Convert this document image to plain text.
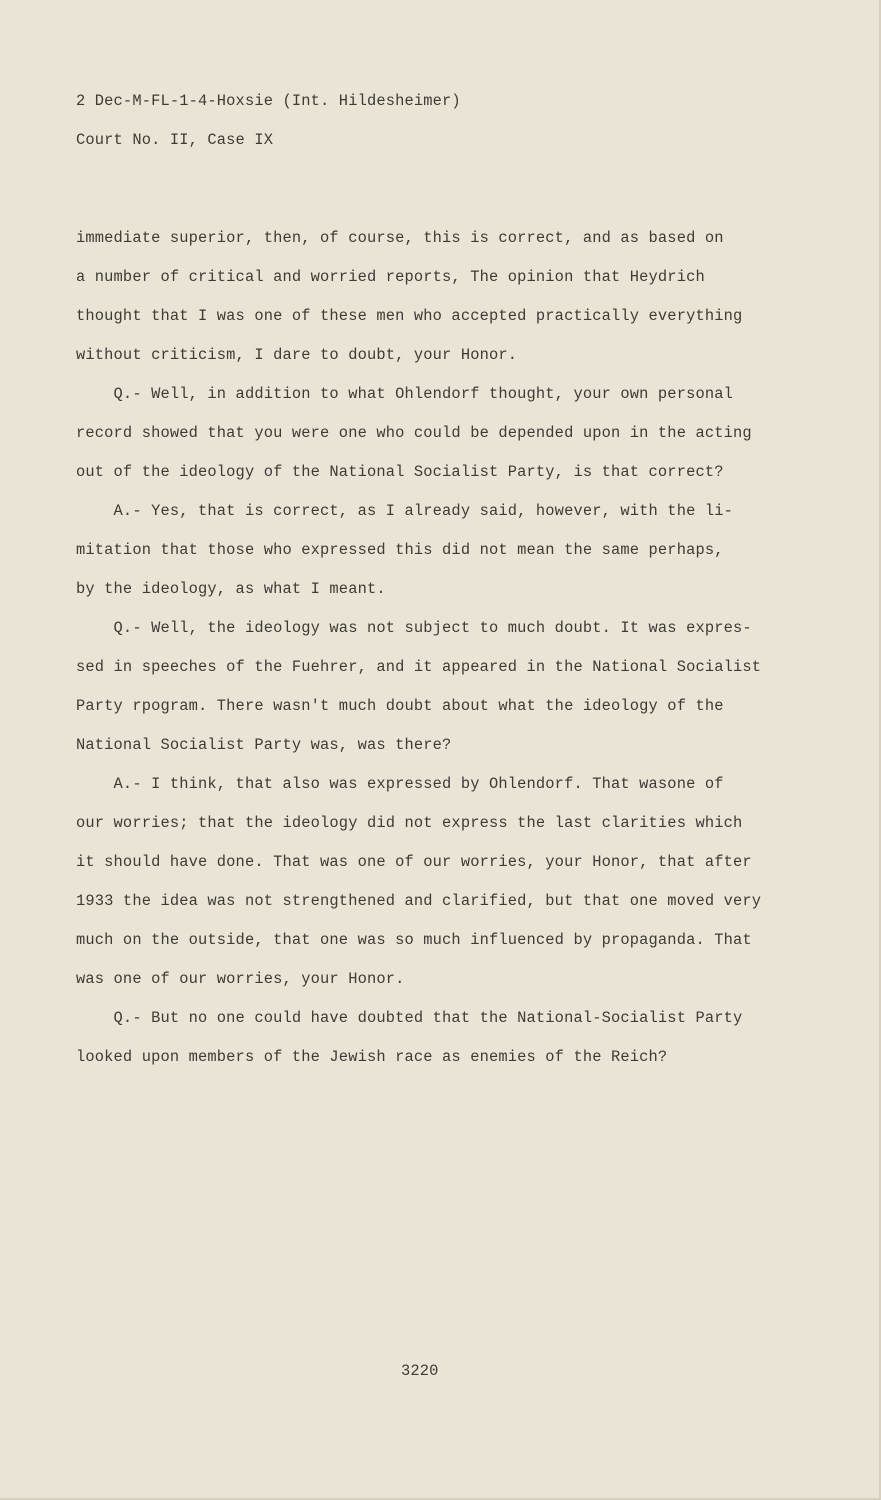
2 Dec-M-FL-1-4-Hoxsie (Int. Hildesheimer)
Court No. II, Case IX
immediate superior, then, of course, this is correct, and as based on
a number of critical and worried reports, The opinion that Heydrich
thought that I was one of these men who accepted practically everything
without criticism, I dare to doubt, your Honor.
Q.- Well, in addition to what Ohlendorf thought, your own personal
record showed that you were one who could be depended upon in the acting
out of the ideology of the National Socialist Party, is that correct?
A.- Yes, that is correct, as I already said, however, with the li-
mitation that those who expressed this did not mean the same perhaps,
by the ideology, as what I meant.
Q.- Well, the ideology was not subject to much doubt. It was expres-
sed in speeches of the Fuehrer, and it appeared in the National Socialist
Party rpogram. There wasn't much doubt about what the ideology of the
National Socialist Party was, was there?
A.- I think, that also was expressed by Ohlendorf. That wasone of
our worries; that the ideology did not express the last clarities which
it should have done. That was one of our worries, your Honor, that after
1933 the idea was not strengthened and clarified, but that one moved very
much on the outside, that one was so much influenced by propaganda. That
was one of our worries, your Honor.
Q.- But no one could have doubted that the National-Socialist Party
looked upon members of the Jewish race as enemies of the Reich?
3220
